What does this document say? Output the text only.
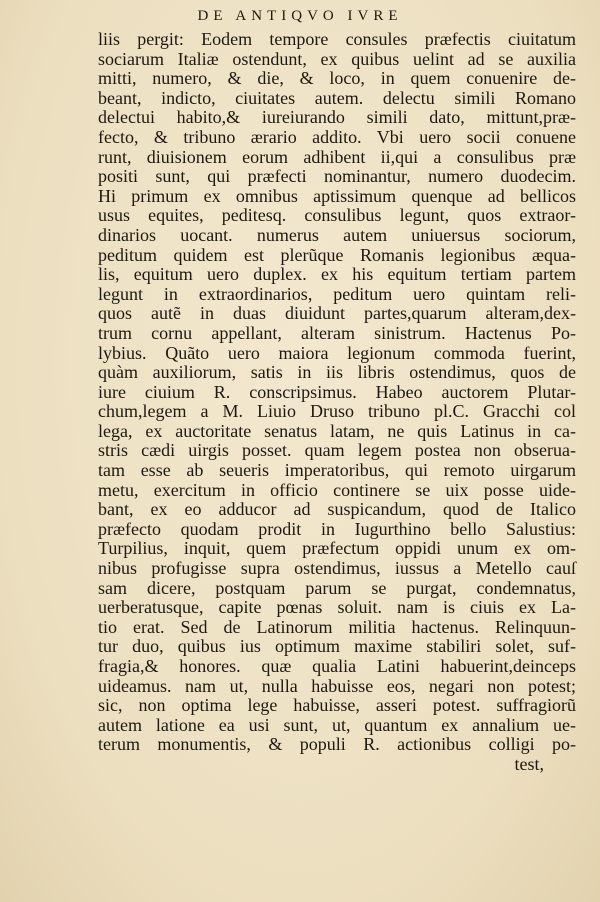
DE ANTIQVO IVRE
liis pergit: Eodem tempore consules præfectis ciuitatum
sociarum Italiæ ostendunt, ex quibus uelint ad se auxilia
mitti, numero, & die, & loco, in quem conuenire de-
beant, indicto, ciuitates autem. delectu simili Romano
delectui habito,& iureiurando simili dato, mittunt,præ-
fecto, & tribuno ærario addito. Vbi uero socii conuene
runt, diuisionem eorum adhibent ii,qui a consulibus præ
positi sunt, qui præfecti nominantur, numero duodecim.
Hi primum ex omnibus aptissimum quenque ad bellicos
usus equites, peditesq. consulibus legunt, quos extraor-
dinarios uocant. numerus autem uniuersus sociorum,
peditum quidem est plerũque Romanis legionibus æqua-
lis, equitum uero duplex. ex his equitum tertiam partem
legunt in extraordinarios, peditum uero quintam reli-
quos autẽ in duas diuidunt partes,quarum alteram,dex-
trum cornu appellant, alteram sinistrum. Hactenus Po-
lybius. Quãto uero maiora legionum commoda fuerint,
quàm auxiliorum, satis in iis libris ostendimus, quos de
iure ciuium R. conscripsimus. Habeo auctorem Plutar-
chum,legem a M. Liuio Druso tribuno pl.C. Gracchi col
lega, ex auctoritate senatus latam, ne quis Latinus in ca-
stris cædi uirgis posset. quam legem postea non obserua-
tam esse ab seueris imperatoribus, qui remoto uirgarum
metu, exercitum in officio continere se uix posse uide-
bant, ex eo adducor ad suspicandum, quod de Italico
præfecto quodam prodit in Iugurthino bello Salustius:
Turpilius, inquit, quem præfectum oppidi unum ex om-
nibus profugisse supra ostendimus, iussus a Metello cauſ
sam dicere, postquam parum se purgat, condemnatus,
uerberatusque, capite pœnas soluit. nam is ciuis ex La-
tio erat. Sed de Latinorum militia hactenus. Relinquun-
tur duo, quibus ius optimum maxime stabiliri solet, suf-
fragia,& honores. quæ qualia Latini habuerint,deinceps
uideamus. nam ut, nulla habuisse eos, negari non potest;
sic, non optima lege habuisse, asseri potest. suffragiorũ
autem latione ea usi sunt, ut, quantum ex annalium ue-
terum monumentis, & populi R. actionibus colligi po-
test,
